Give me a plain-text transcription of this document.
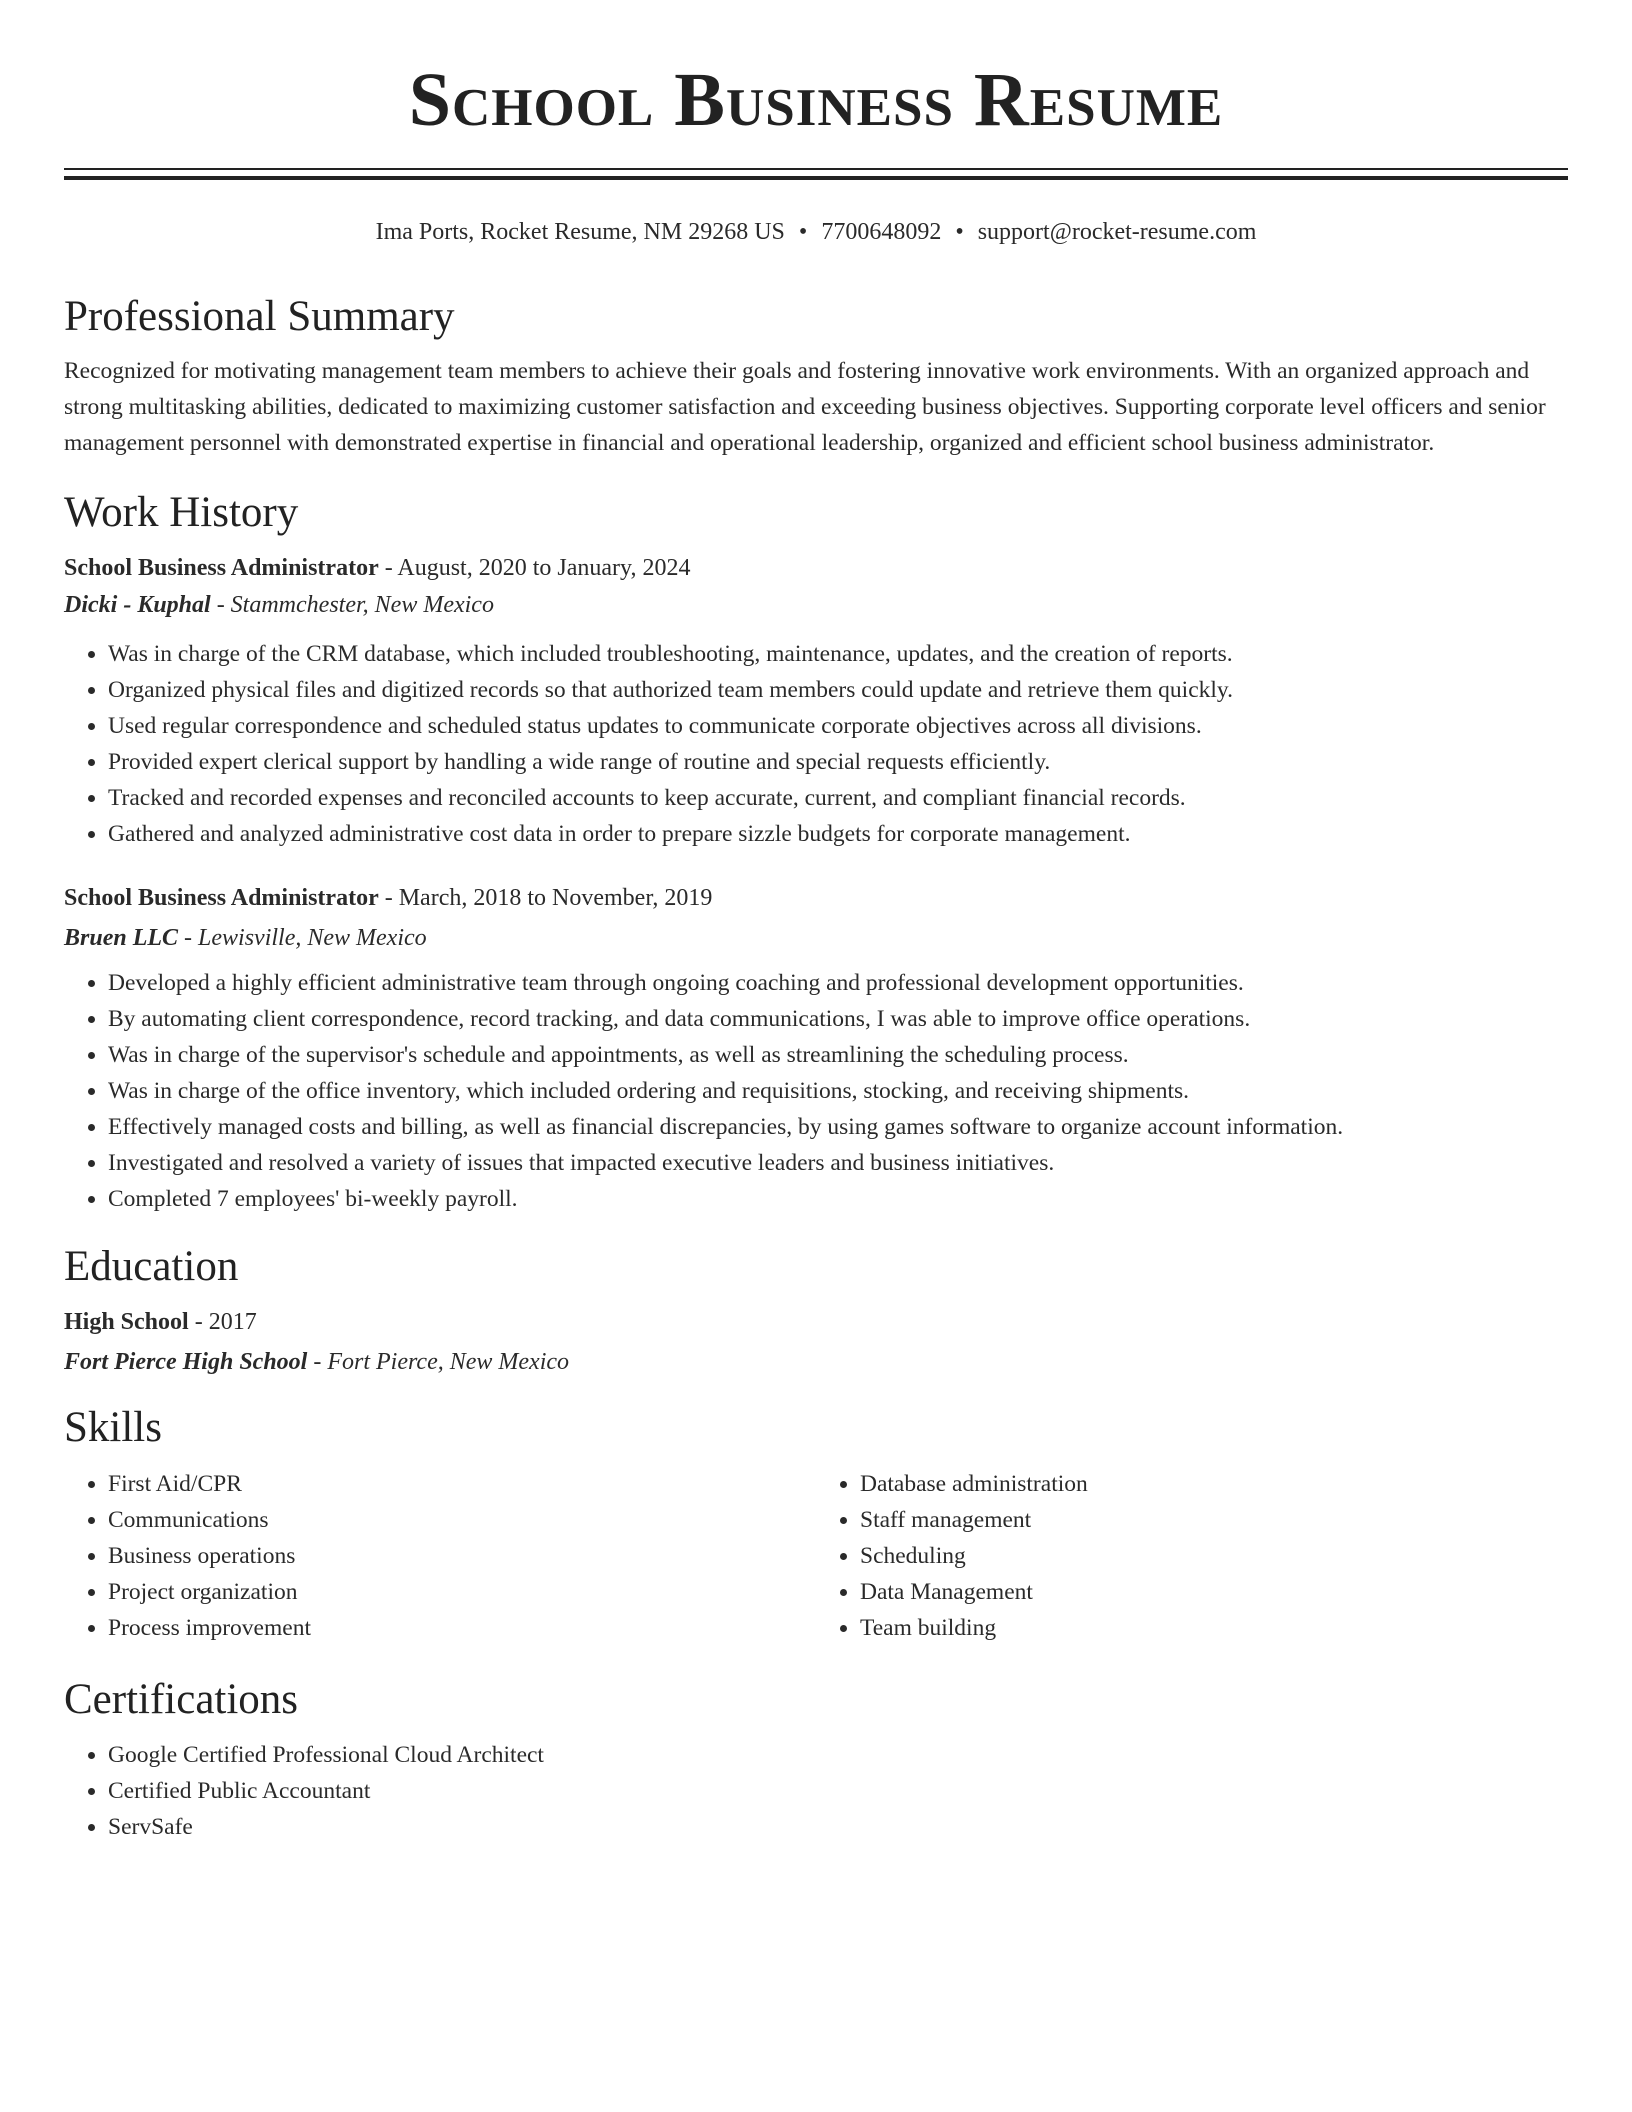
School Business Resume
Ima Ports, Rocket Resume, NM 29268 US • 7700648092 • support@rocket-resume.com
Professional Summary
Recognized for motivating management team members to achieve their goals and fostering innovative work environments. With an organized approach and strong multitasking abilities, dedicated to maximizing customer satisfaction and exceeding business objectives. Supporting corporate level officers and senior management personnel with demonstrated expertise in financial and operational leadership, organized and efficient school business administrator.
Work History
School Business Administrator - August, 2020 to January, 2024
Dicki - Kuphal - Stammchester, New Mexico
• Was in charge of the CRM database, which included troubleshooting, maintenance, updates, and the creation of reports.
• Organized physical files and digitized records so that authorized team members could update and retrieve them quickly.
• Used regular correspondence and scheduled status updates to communicate corporate objectives across all divisions.
• Provided expert clerical support by handling a wide range of routine and special requests efficiently.
• Tracked and recorded expenses and reconciled accounts to keep accurate, current, and compliant financial records.
• Gathered and analyzed administrative cost data in order to prepare sizzle budgets for corporate management.
School Business Administrator - March, 2018 to November, 2019
Bruen LLC - Lewisville, New Mexico
• Developed a highly efficient administrative team through ongoing coaching and professional development opportunities.
• By automating client correspondence, record tracking, and data communications, I was able to improve office operations.
• Was in charge of the supervisor's schedule and appointments, as well as streamlining the scheduling process.
• Was in charge of the office inventory, which included ordering and requisitions, stocking, and receiving shipments.
• Effectively managed costs and billing, as well as financial discrepancies, by using games software to organize account information.
• Investigated and resolved a variety of issues that impacted executive leaders and business initiatives.
• Completed 7 employees' bi-weekly payroll.
Education
High School - 2017
Fort Pierce High School - Fort Pierce, New Mexico
Skills
• First Aid/CPR
• Communications
• Business operations
• Project organization
• Process improvement
• Database administration
• Staff management
• Scheduling
• Data Management
• Team building
Certifications
• Google Certified Professional Cloud Architect
• Certified Public Accountant
• ServSafe
